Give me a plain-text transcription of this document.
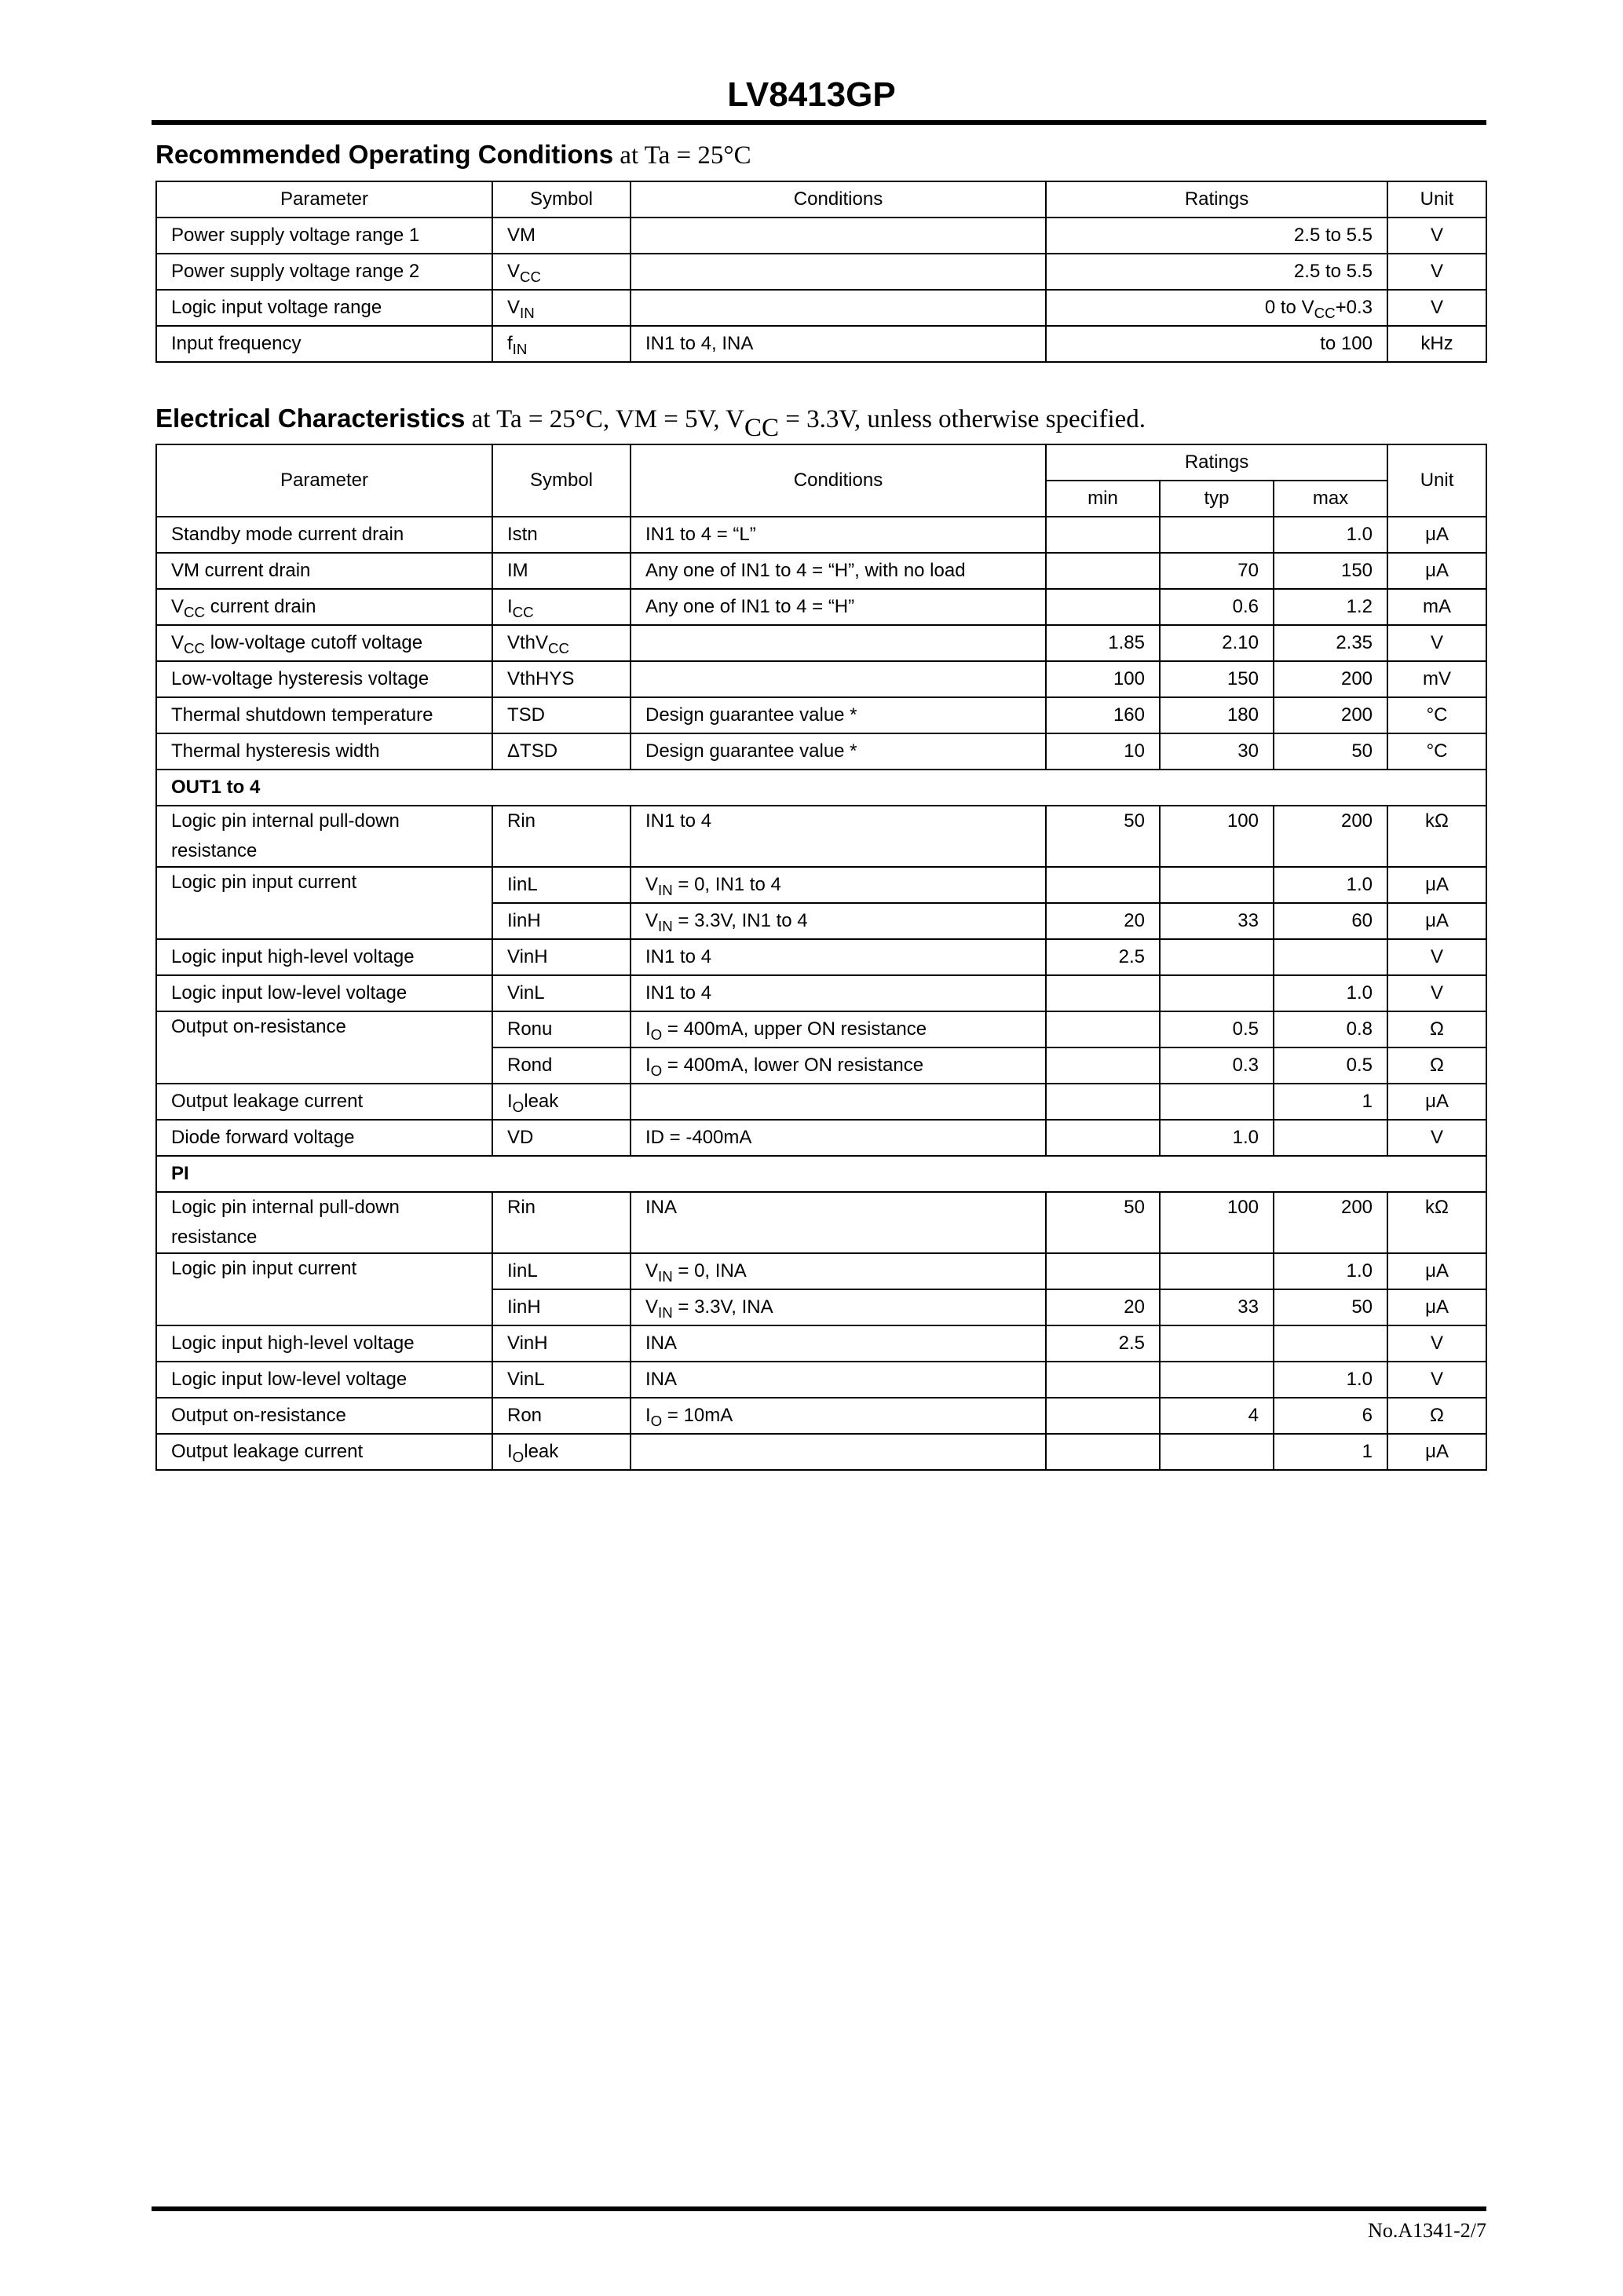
LV8413GP
Recommended Operating Conditions at Ta = 25°C
Parameter	Symbol	Conditions	Ratings	Unit
Power supply voltage range 1	VM		2.5 to 5.5	V
Power supply voltage range 2	$V_{CC}$		2.5 to 5.5	V
Logic input voltage range	$V_{IN}$		0 to $V_{CC}+0.3$	V
Input frequency	$f_{IN}$	IN1 to 4, INA	to 100	kHz
Electrical Characteristics at Ta = 25°C, VM = 5V, VCC = 3.3V, unless otherwise specified.
Parameter	Symbol	Conditions	Ratings			Unit
			min	typ	max	
Standby mode current drain	Istn	IN1 to 4 = “L”			1.0	μA
VM current drain	IM	Any one of IN1 to 4 = “H”, with no load		70	150	μA
$V_{CC}$ current drain	$I_{CC}$	Any one of IN1 to 4 = “H”		0.6	1.2	mA
$V_{CC}$ low-voltage cutoff voltage	VthV$_{CC}$		1.85	2.10	2.35	V
Low-voltage hysteresis voltage	VthHYS		100	150	200	mV
Thermal shutdown temperature	TSD	Design guarantee value *	160	180	200	°C
Thermal hysteresis width	ΔTSD	Design guarantee value *	10	30	50	°C
OUT1 to 4						
Logic pin internal pull-down resistance	Rin	IN1 to 4	50	100	200	kΩ
Logic pin input current	IinL	$V_{IN} = 0$, IN1 to 4			1.0	μA
	IinH	$V_{IN} = 3.3V$, IN1 to 4	20	33	60	μA
Logic input high-level voltage	VinH	IN1 to 4	2.5			V
Logic input low-level voltage	VinL	IN1 to 4			1.0	V
Output on-resistance	Ronu	$I_O = 400mA$, upper ON resistance		0.5	0.8	Ω
	Rond	$I_O = 400mA$, lower ON resistance		0.3	0.5	Ω
Output leakage current	$I_Oleak$				1	μA
Diode forward voltage	VD	ID = -400mA		1.0		V
PI						
Logic pin internal pull-down resistance	Rin	INA	50	100	200	kΩ
Logic pin input current	IinL	$V_{IN} = 0$, INA			1.0	μA
	IinH	$V_{IN} = 3.3V$, INA	20	33	50	μA
Logic input high-level voltage	VinH	INA	2.5			V
Logic input low-level voltage	VinL	INA			1.0	V
Output on-resistance	Ron	$I_O = 10mA$		4	6	Ω
Output leakage current	$I_Oleak$				1	μA
No.A1341-2/7
